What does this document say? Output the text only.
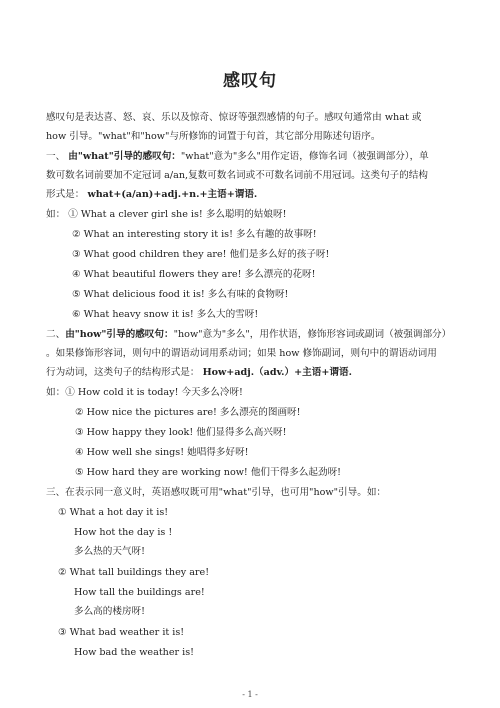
感叹句
感叹句是表达喜、怒、哀、乐以及惊奇、惊讶等强烈感情的句子。感叹句通常由 what 或
how 引导。"what"和"how"与所修饰的词置于句首，其它部分用陈述句语序。
一、 由"what"引导的感叹句："what"意为"多么"用作定语，修饰名词（被强调部分），单
数可数名词前要加不定冠词 a/an,复数可数名词或不可数名词前不用冠词。这类句子的结构
形式是： what+(a/an)+adj.+n.+主语+谓语.
如： ① What a clever girl she is! 多么聪明的姑娘呀!
② What an interesting story it is! 多么有趣的故事呀!
③ What good children they are! 他们是多么好的孩子呀!
④ What beautiful flowers they are! 多么漂亮的花呀!
⑤ What delicious food it is! 多么有味的食物呀!
⑥ What heavy snow it is! 多么大的雪呀!
二、由"how"引导的感叹句："how"意为"多么"，用作状语，修饰形容词或副词（被强调部分）
。如果修饰形容词，则句中的谓语动词用系动词；如果 how 修饰副词，则句中的谓语动词用
行为动词，这类句子的结构形式是： How+adj.（adv.）+主语+谓语.
如：① How cold it is today! 今天多么冷呀!
② How nice the pictures are! 多么漂亮的图画呀!
③ How happy they look! 他们显得多么高兴呀!
④ How well she sings! 她唱得多好呀!
⑤ How hard they are working now! 他们干得多么起劲呀!
三、在表示同一意义时，英语感叹既可用"what"引导，也可用"how"引导。如：
① What a hot day it is!
How hot the day is !
多么热的天气呀!
② What tall buildings they are!
How tall the buildings are!
多么高的楼房呀!
③ What bad weather it is!
How bad the weather is!
- 1 -
